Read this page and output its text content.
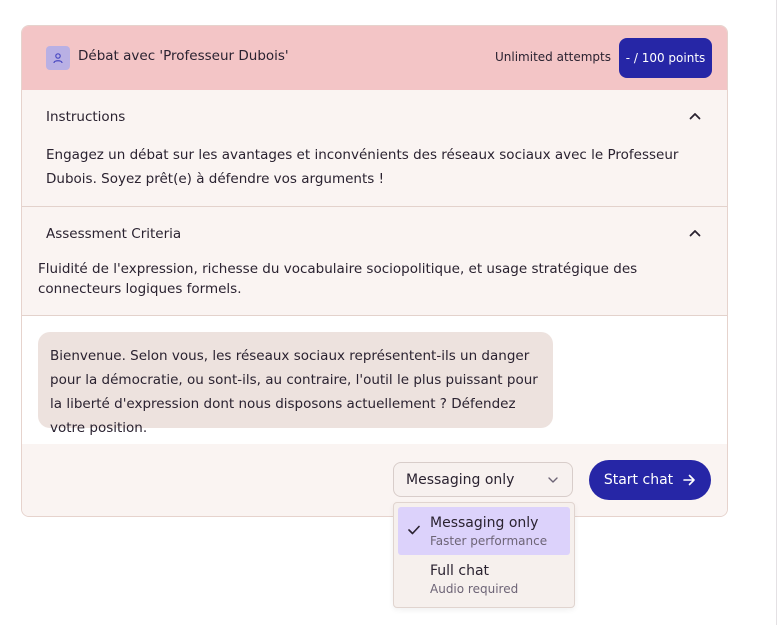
Débat avec 'Professeur Dubois'	Unlimited attempts	- / 100 points
Instructions
Engagez un débat sur les avantages et inconvénients des réseaux sociaux avec le Professeur Dubois. Soyez prêt(e) à défendre vos arguments !
Assessment Criteria
Fluidité de l'expression, richesse du vocabulaire sociopolitique, et usage stratégique des connecteurs logiques formels.
Bienvenue. Selon vous, les réseaux sociaux représentent-ils un danger pour la démocratie, ou sont-ils, au contraire, l'outil le plus puissant pour la liberté d'expression dont nous disposons actuellement ? Défendez votre position.
Messaging only	Start chat
Messaging only
Faster performance
Full chat
Audio required
